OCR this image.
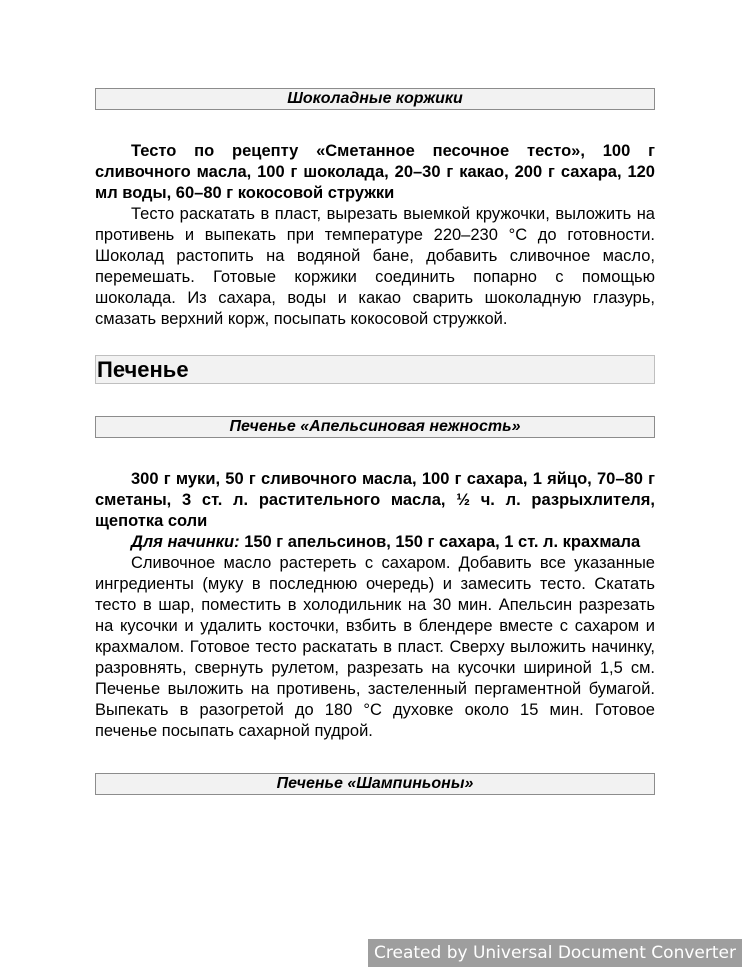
Шоколадные коржики

Тесто по рецепту «Сметанное песочное тесто», 100 г сливочного масла, 100 г шоколада, 20–30 г какао, 200 г сахара, 120 мл воды, 60–80 г кокосовой стружки

Тесто раскатать в пласт, вырезать выемкой кружочки, выложить на противень и выпекать при температуре 220–230 °С до готовности. Шоколад растопить на водяной бане, добавить сливочное масло, перемешать. Готовые коржики соединить попарно с помощью шоколада. Из сахара, воды и какао сварить шоколадную глазурь, смазать верхний корж, посыпать кокосовой стружкой.

Печенье
Печенье «Апельсиновая нежность»

300 г муки, 50 г сливочного масла, 100 г сахара, 1 яйцо, 70–80 г сметаны, 3 ст. л. растительного масла, ½ ч. л. разрыхлителя, щепотка соли

Для начинки: 150 г апельсинов, 150 г сахара, 1 ст. л. крахмала

Сливочное масло растереть с сахаром. Добавить все указанные ингредиенты (муку в последнюю очередь) и замесить тесто. Скатать тесто в шар, поместить в холодильник на 30 мин. Апельсин разрезать на кусочки и удалить косточки, взбить в блендере вместе с сахаром и крахмалом. Готовое тесто раскатать в пласт. Сверху выложить начинку, разровнять, свернуть рулетом, разрезать на кусочки шириной 1,5 см. Печенье выложить на противень, застеленный пергаментной бумагой. Выпекать в разогретой до 180 °С духовке около 15 мин. Готовое печенье посыпать сахарной пудрой.

Печенье «Шампиньоны»
Created by Universal Document Converter
